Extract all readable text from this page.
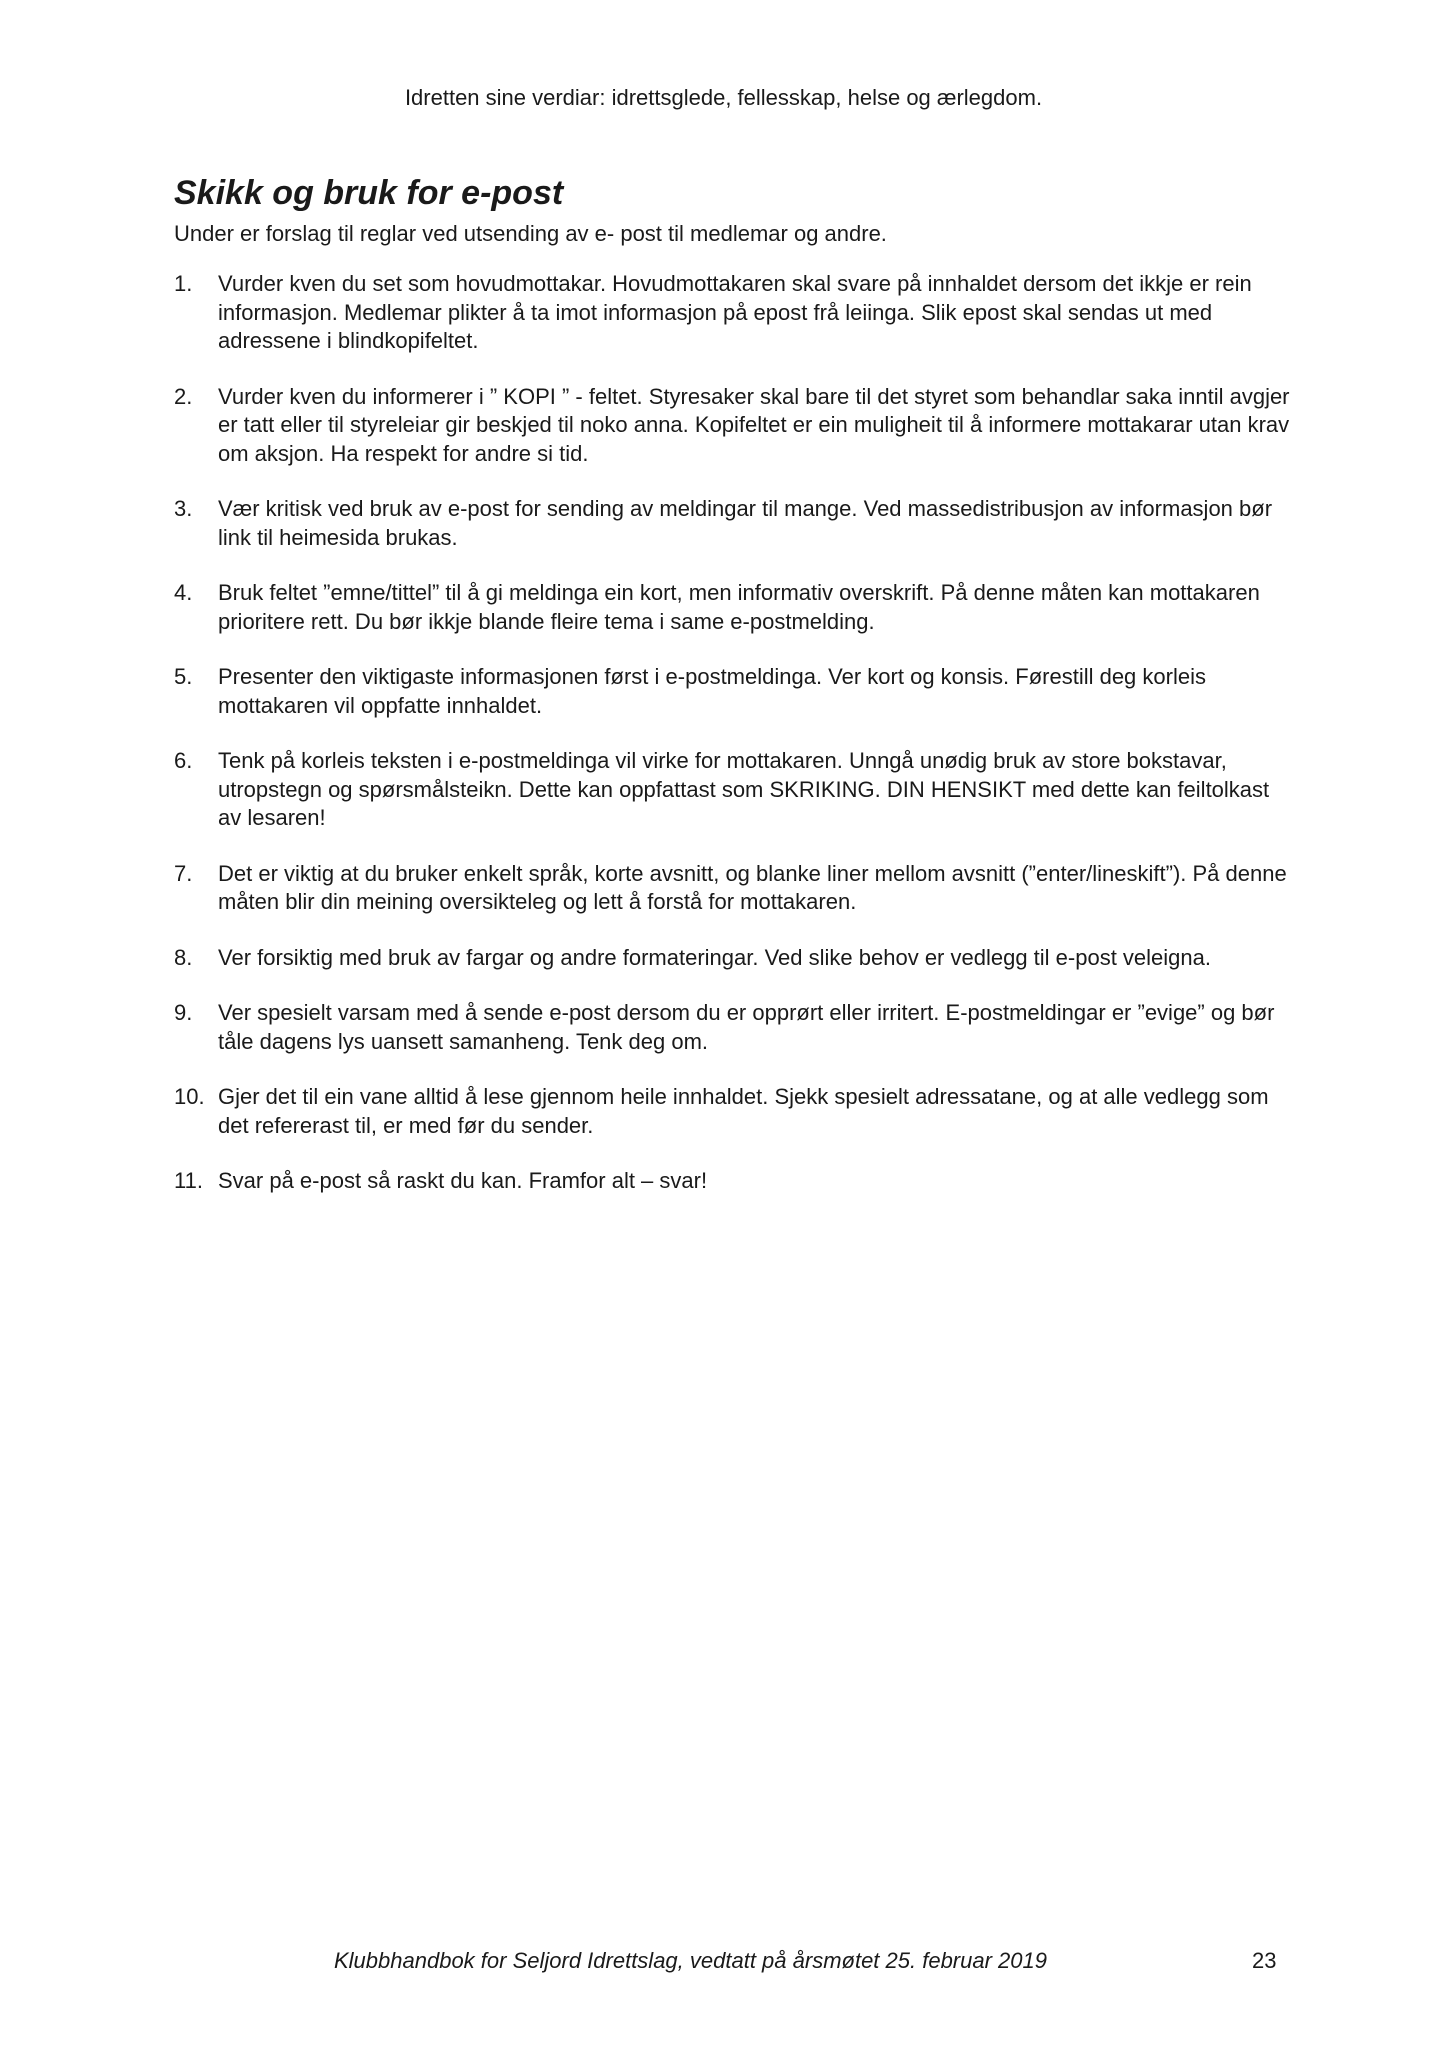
Idretten sine verdiar: idrettsglede, fellesskap, helse og ærlegdom.
Skikk og bruk for e-post

Under er forslag til reglar ved utsending av e- post til medlemar og andre.

1. Vurder kven du set som hovudmottakar. Hovudmottakaren skal svare på innhaldet dersom det ikkje er rein informasjon. Medlemar plikter å ta imot informasjon på epost frå leiinga. Slik epost skal sendas ut med adressene i blindkopifeltet.
2. Vurder kven du informerer i ” KOPI ” - feltet. Styresaker skal bare til det styret som behandlar saka inntil avgjer er tatt eller til styreleiar gir beskjed til noko anna. Kopifeltet er ein muligheit til å informere mottakarar utan krav om aksjon. Ha respekt for andre si tid.
3. Vær kritisk ved bruk av e-post for sending av meldingar til mange. Ved massedistribusjon av informasjon bør link til heimesida brukas.
4. Bruk feltet ”emne/tittel” til å gi meldinga ein kort, men informativ overskrift. På denne måten kan mottakaren prioritere rett. Du bør ikkje blande fleire tema i same e-postmelding.
5. Presenter den viktigaste informasjonen først i e-postmeldinga. Ver kort og konsis. Førestill deg korleis mottakaren vil oppfatte innhaldet.
6. Tenk på korleis teksten i e-postmeldinga vil virke for mottakaren. Unngå unødig bruk av store bokstavar, utropstegn og spørsmålsteikn. Dette kan oppfattast som SKRIKING. DIN HENSIKT med dette kan feiltolkast av lesaren!
7. Det er viktig at du bruker enkelt språk, korte avsnitt, og blanke liner mellom avsnitt (”enter/lineskift”). På denne måten blir din meining oversikteleg og lett å forstå for mottakaren.
8. Ver forsiktig med bruk av fargar og andre formateringar. Ved slike behov er vedlegg til e-post veleigna.
9. Ver spesielt varsam med å sende e-post dersom du er opprørt eller irritert. E-postmeldingar er ”evige” og bør tåle dagens lys uansett samanheng. Tenk deg om.
10. Gjer det til ein vane alltid å lese gjennom heile innhaldet. Sjekk spesielt adressatane, og at alle vedlegg som det refererast til, er med før du sender.
11. Svar på e-post så raskt du kan. Framfor alt – svar!
Klubbhandbok for Seljord Idrettslag, vedtatt på årsmøtet 25. februar 2019	23
